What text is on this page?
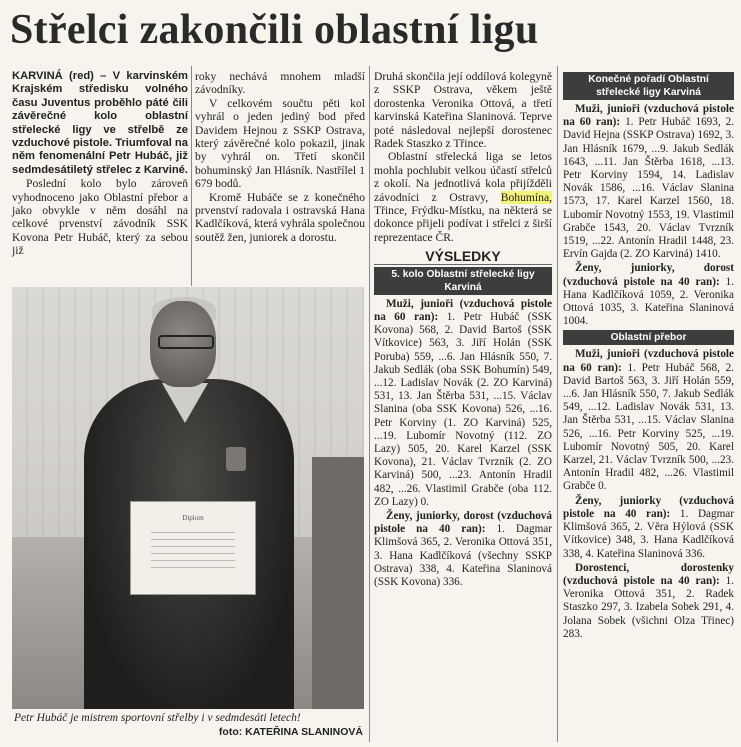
Střelci zakončili oblastní ligu

KARVINÁ (red) – V karvinském Krajském středisku volného času Juventus proběhlo páté čili závěrečné kolo oblastní střelecké ligy ve střelbě ze vzduchové pistole. Triumfoval na něm fenomenální Petr Hubáč, již sedmdesátiletý střelec z Karviné.

Poslední kolo bylo zároveň vyhodnoceno jako Oblastní přebor a jako obvykle v něm dosáhl na celkové prvenství závodník SSK Kovona Petr Hubáč, který za sebou již

roky nechává mnohem mladší závodníky.

V celkovém součtu pěti kol vyhrál o jeden jediný bod před Davidem Hejnou z SSKP Ostrava, který závěrečné kolo pokazil, jinak by vyhrál on. Třetí skončil bohuminský Jan Hlásník. Nastřílel 1 679 bodů.

Kromě Hubáče se z konečného prvenství radovala i ostravská Hana Kadlčíková, která vyhrála společnou soutěž žen, juniorek a dorostu.

Diplom
Petr Hubáč je mistrem sportovní střelby i v sedmdesáti letech!
foto: KATEŘINA SLANINOVÁ

Druhá skončila její oddílová kolegyně z SSKP Ostrava, věkem ještě dorostenka Veronika Ottová, a třetí karvinská Kateřina Slaninová. Teprve poté následoval nejlepší dorostenec Radek Staszko z Třince.

Oblastní střelecká liga se letos mohla pochlubit velkou účastí střelců z okolí. Na jednotlivá kola přijížděli závodníci z Ostravy, Bohumína, Třince, Frýdku-Místku, na některá se dokonce přijeli podívat i střelci z širší reprezentace ČR.

VÝSLEDKY
5. kolo Oblastní střelecké ligy Karviná
Muži, junioři (vzduchová pistole na 60 ran): 1. Petr Hubáč (SSK Kovona) 568, 2. David Bartoš (SSK Vítkovice) 563, 3. Jiří Holán (SSK Poruba) 559, ...6. Jan Hlásník 550, 7. Jakub Sedlák (oba SSK Bohumín) 549, ...12. Ladislav Novák (2. ZO Karviná) 531, 13. Jan Štěrba 531, ...15. Václav Slanina (oba SSK Kovona) 526, ...16. Petr Korviny (1. ZO Karviná) 525, ...19. Lubomír Novotný (112. ZO Lazy) 505, 20. Karel Karzel (SSK Kovona), 21. Václav Tvrzník (2. ZO Karviná) 500, ...23. Antonín Hradil 482, ...26. Vlastimil Grabče (oba 112. ZO Lazy) 0.
Ženy, juniorky, dorost (vzduchová pistole na 40 ran): 1. Dagmar Klimšová 365, 2. Veronika Ottová 351, 3. Hana Kadlčíková (všechny SSKP Ostrava) 338, 4. Kateřina Slaninová (SSK Kovona) 336.
Konečné pořadí Oblastní střelecké ligy Karviná
Muži, junioři (vzduchová pistole na 60 ran): 1. Petr Hubáč 1693, 2. David Hejna (SSKP Ostrava) 1692, 3. Jan Hlásník 1679, ...9. Jakub Sedlák 1643, ...11. Jan Štěrba 1618, ...13. Petr Korviny 1594, 14. Ladislav Novák 1586, ...16. Václav Slanina 1573, 17. Karel Karzel 1560, 18. Lubomír Novotný 1553, 19. Vlastimil Grabče 1543, 20. Václav Tvrzník 1519, ...22. Antonín Hradil 1448, 23. Ervín Gajda (2. ZO Karviná) 1410.
Ženy, juniorky, dorost (vzduchová pistole na 40 ran): 1. Hana Kadlčíková 1059, 2. Veronika Ottová 1035, 3. Kateřina Slaninová 1004.
Oblastní přebor
Muži, junioři (vzduchová pistole na 60 ran): 1. Petr Hubáč 568, 2. David Bartoš 563, 3. Jiří Holán 559, ...6. Jan Hlásník 550, 7. Jakub Sedlák 549, ...12. Ladislav Novák 531, 13. Jan Štěrba 531, ...15. Václav Slanina 526, ...16. Petr Korviny 525, ...19. Lubomír Novotný 505, 20. Karel Karzel, 21. Václav Tvrzník 500, ...23. Antonín Hradil 482, ...26. Vlastimil Grabče 0.
Ženy, juniorky (vzduchová pistole na 40 ran): 1. Dagmar Klimšová 365, 2. Věra Hýlová (SSK Vítkovice) 348, 3. Hana Kadlčíková 338, 4. Kateřina Slaninová 336.
Dorostenci, dorostenky (vzduchová pistole na 40 ran): 1. Veronika Ottová 351, 2. Radek Staszko 297, 3. Izabela Sobek 291, 4. Jolana Sobek (všichni Olza Třinec) 283.
